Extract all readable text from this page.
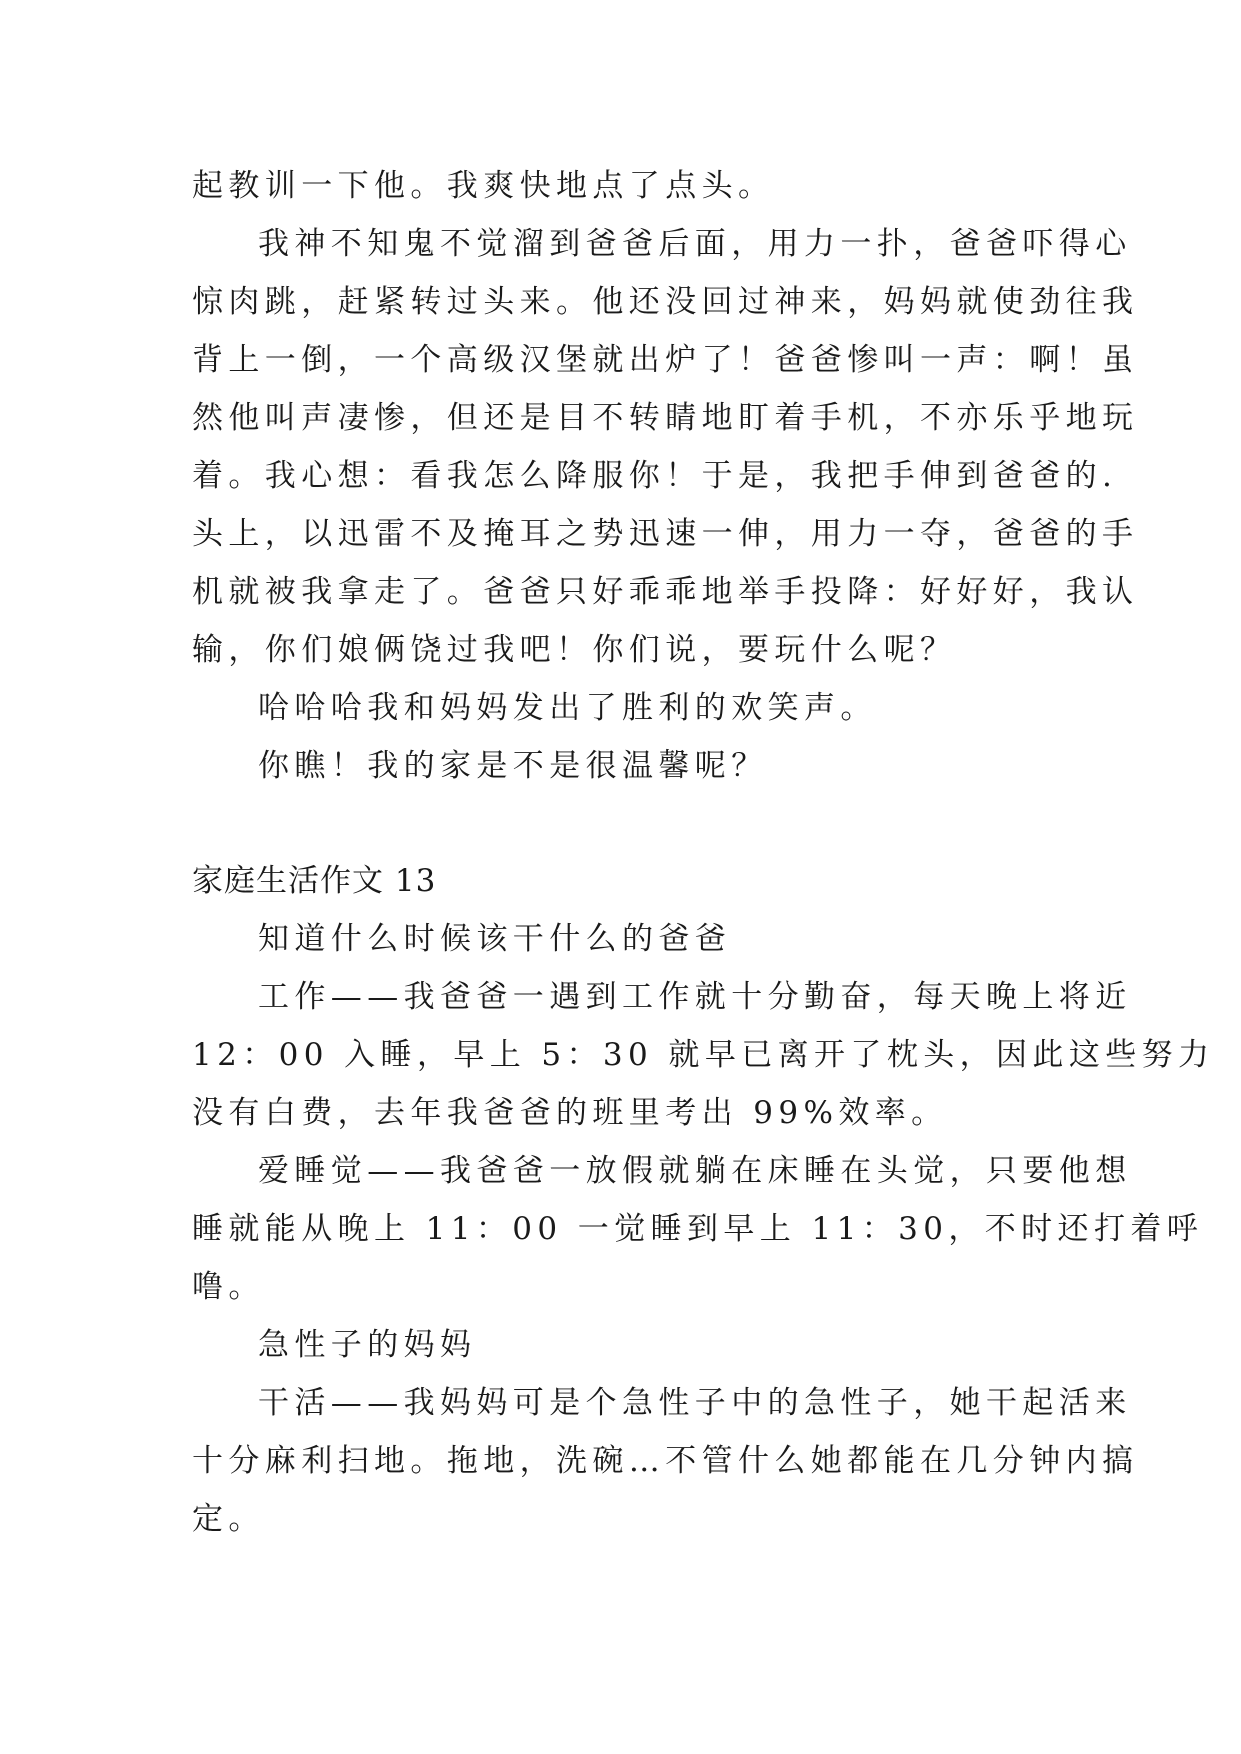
起教训一下他。我爽快地点了点头。
我神不知鬼不觉溜到爸爸后面，用力一扑，爸爸吓得心
惊肉跳，赶紧转过头来。他还没回过神来，妈妈就使劲往我
背上一倒，一个高级汉堡就出炉了！爸爸惨叫一声：啊！虽
然他叫声凄惨，但还是目不转睛地盯着手机，不亦乐乎地玩
着。我心想：看我怎么降服你！于是，我把手伸到爸爸的.
头上，以迅雷不及掩耳之势迅速一伸，用力一夺，爸爸的手
机就被我拿走了。爸爸只好乖乖地举手投降：好好好，我认
输，你们娘俩饶过我吧！你们说，要玩什么呢？
哈哈哈我和妈妈发出了胜利的欢笑声。
你瞧！我的家是不是很温馨呢？
家庭生活作文 13
知道什么时候该干什么的爸爸
工作——我爸爸一遇到工作就十分勤奋，每天晚上将近
12：00 入睡，早上 5：30 就早已离开了枕头，因此这些努力
没有白费，去年我爸爸的班里考出 99%效率。
爱睡觉——我爸爸一放假就躺在床睡在头觉，只要他想
睡就能从晚上 11：00 一觉睡到早上 11：30，不时还打着呼
噜。
急性子的妈妈
干活——我妈妈可是个急性子中的急性子，她干起活来
十分麻利扫地。拖地，洗碗…不管什么她都能在几分钟内搞
定。
